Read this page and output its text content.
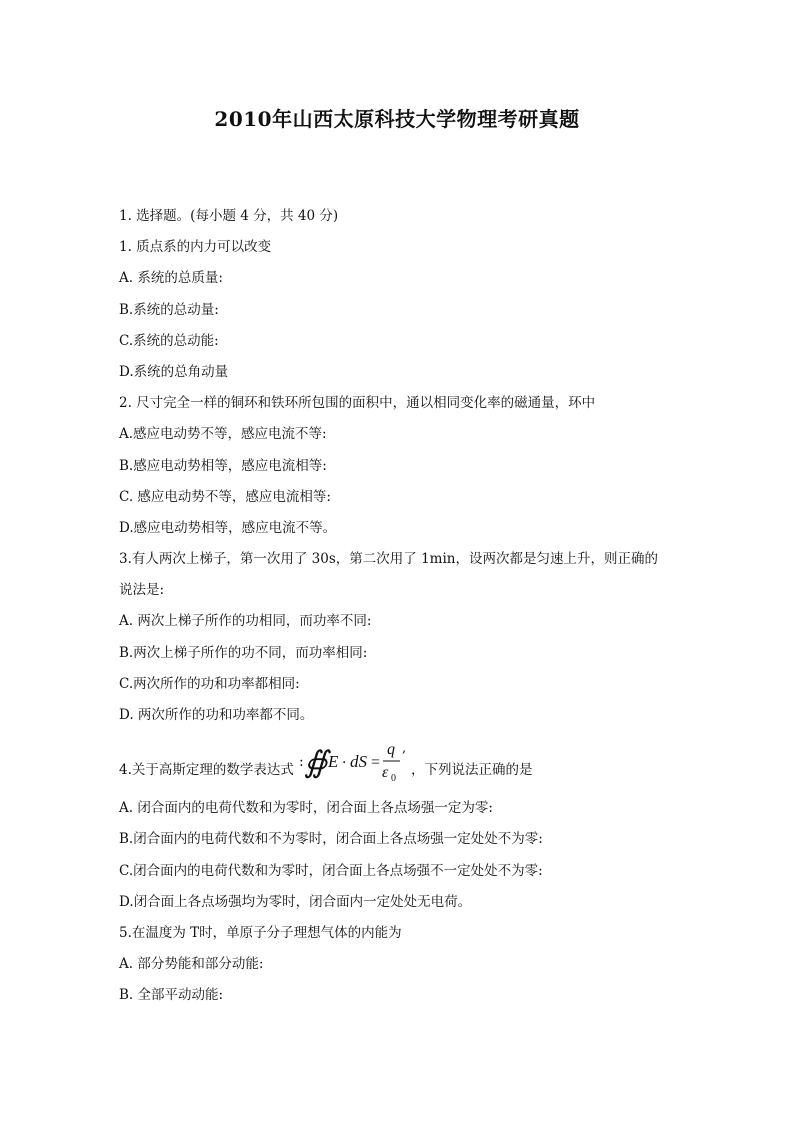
2010年山西太原科技大学物理考研真题
1. 选择题。(每小题 4 分，共 40 分)
1. 质点系的内力可以改变
A. 系统的总质量:
B.系统的总动量:
C.系统的总动能:
D.系统的总角动量
2. 尺寸完全一样的铜环和铁环所包围的面积中，通以相同变化率的磁通量，环中
A.感应电动势不等，感应电流不等:
B.感应电动势相等，感应电流相等:
C. 感应电动势不等，感应电流相等:
D.感应电动势相等，感应电流不等。
3.有人两次上梯子，第一次用了 30s，第二次用了 1min，设两次都是匀速上升，则正确的
说法是:
A. 两次上梯子所作的功相同，而功率不同:
B.两次上梯子所作的功不同，而功率相同:
C.两次所作的功和功率都相同:
D. 两次所作的功和功率都不同。
4.关于高斯定理的数学表达式 : ∯ E · dS =
q
ε 0
,
，下列说法正确的是
A. 闭合面内的电荷代数和为零时，闭合面上各点场强一定为零:
B.闭合面内的电荷代数和不为零时，闭合面上各点场强一定处处不为零:
C.闭合面内的电荷代数和为零时，闭合面上各点场强不一定处处不为零:
D.闭合面上各点场强均为零时，闭合面内一定处处无电荷。
5.在温度为 T时，单原子分子理想气体的内能为
A. 部分势能和部分动能:
B. 全部平动动能:
